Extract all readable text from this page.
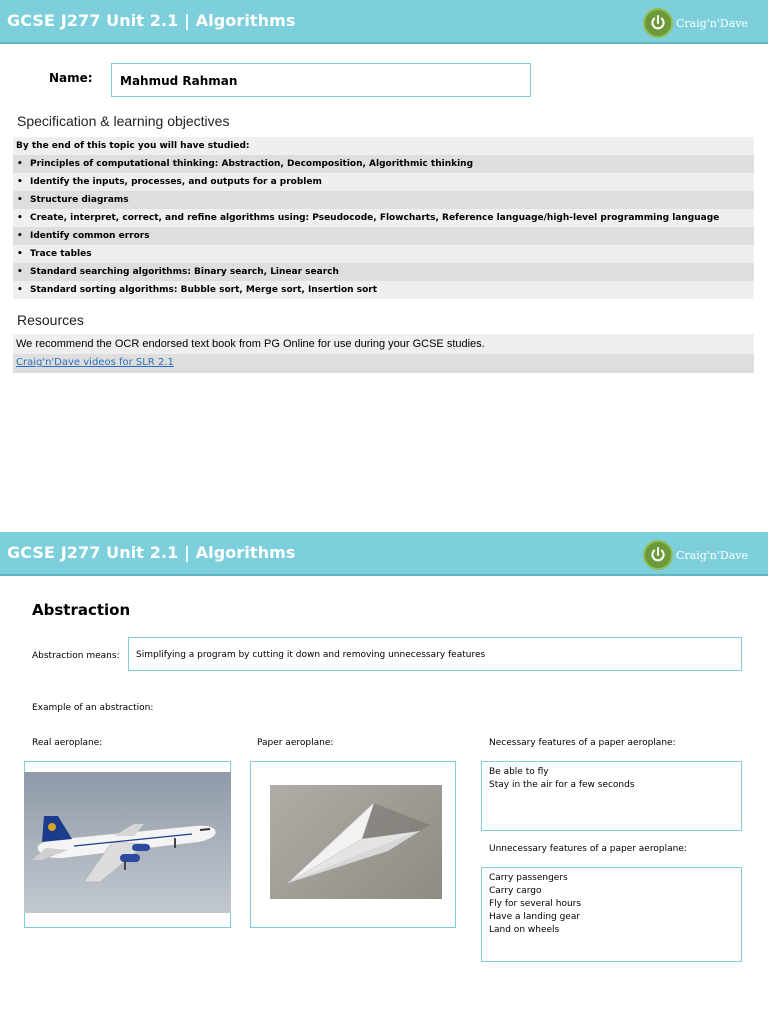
GCSE J277 Unit 2.1 | Algorithms	Craig'n'Dave
Name: Mahmud Rahman
Specification & learning objectives
By the end of this topic you will have studied:
• Principles of computational thinking: Abstraction, Decomposition, Algorithmic thinking
• Identify the inputs, processes, and outputs for a problem
• Structure diagrams
• Create, interpret, correct, and refine algorithms using: Pseudocode, Flowcharts, Reference language/high-level programming language
• Identify common errors
• Trace tables
• Standard searching algorithms: Binary search, Linear search
• Standard sorting algorithms: Bubble sort, Merge sort, Insertion sort
Resources
We recommend the OCR endorsed text book from PG Online for use during your GCSE studies.
Craig'n'Dave videos for SLR 2.1
GCSE J277 Unit 2.1 | Algorithms	Craig'n'Dave
Abstraction
Abstraction means: Simplifying a program by cutting it down and removing unnecessary features
Example of an abstraction:
Real aeroplane:	Paper aeroplane:	Necessary features of a paper aeroplane:
Be able to fly
Stay in the air for a few seconds
Unnecessary features of a paper aeroplane:
Carry passengers
Carry cargo
Fly for several hours
Have a landing gear
Land on wheels
